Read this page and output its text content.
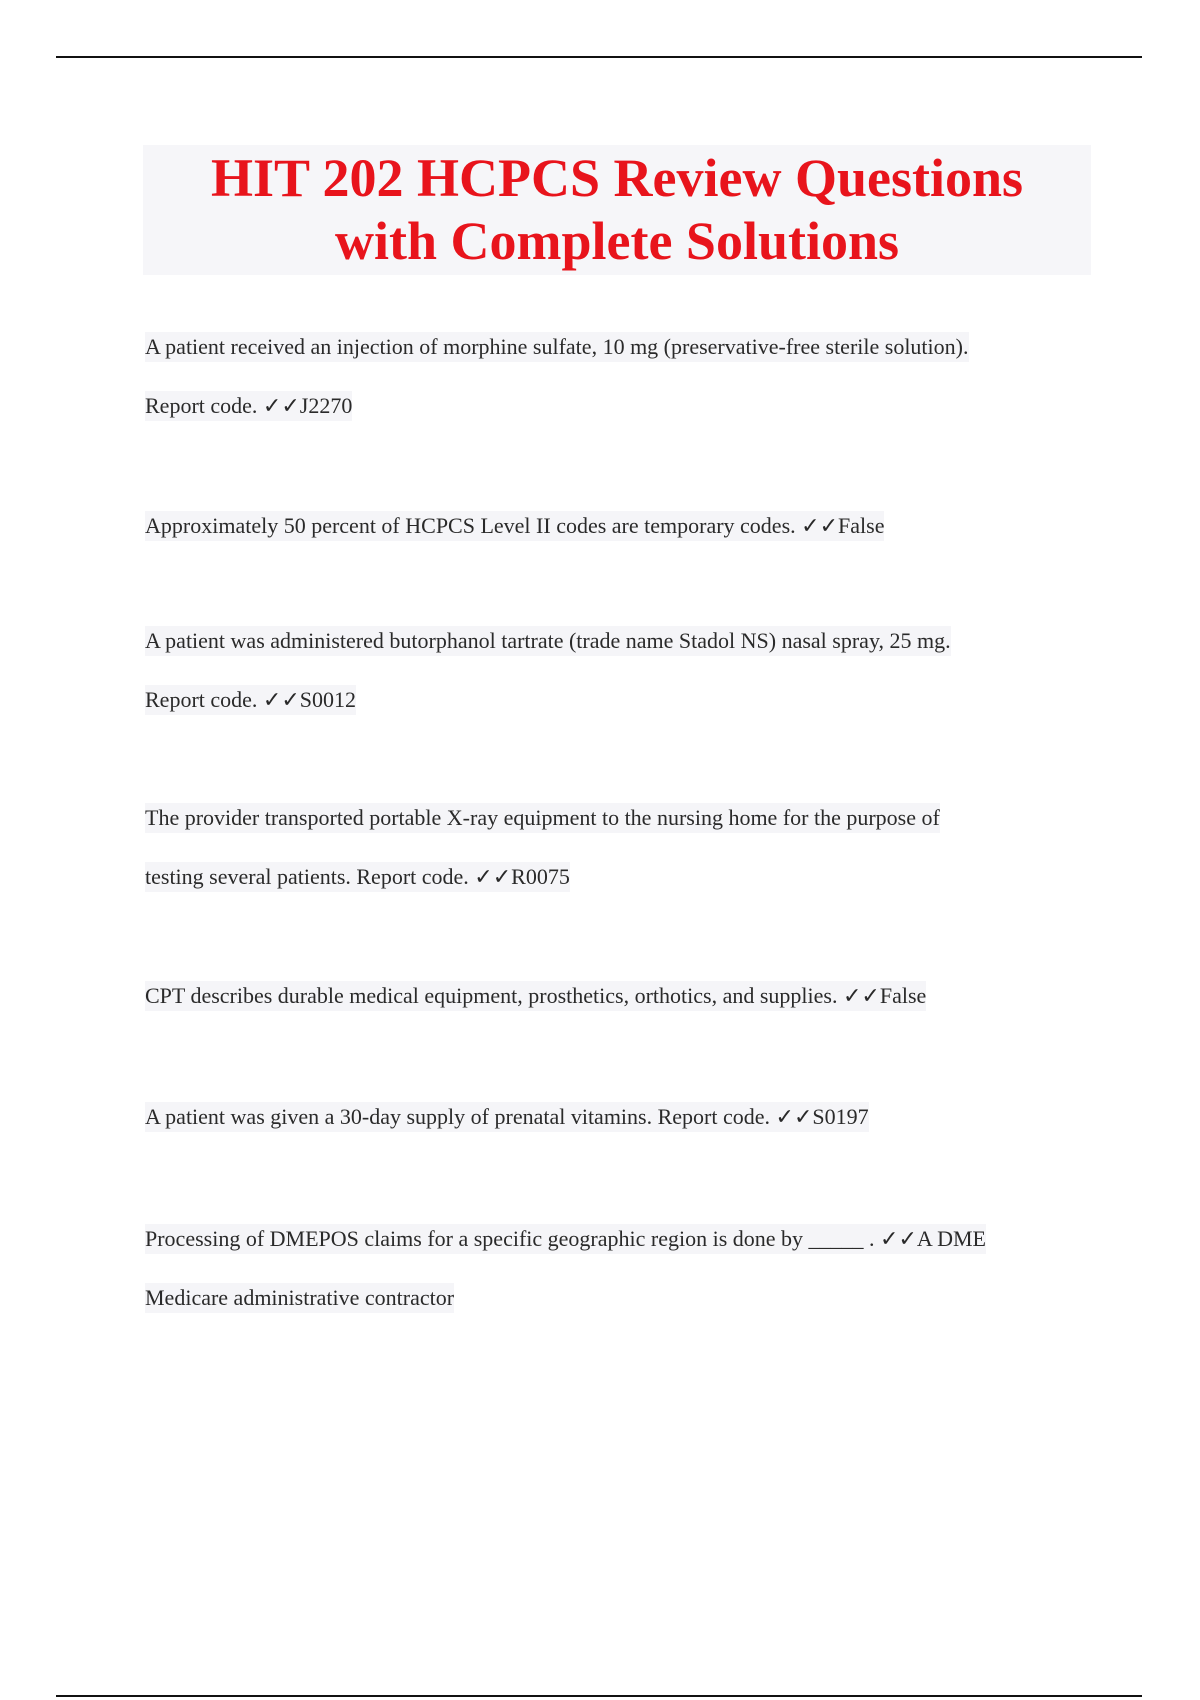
HIT 202 HCPCS Review Questions
with Complete Solutions
A patient received an injection of morphine sulfate, 10 mg (preservative-free sterile solution).
Report code. ✓✓J2270
Approximately 50 percent of HCPCS Level II codes are temporary codes. ✓✓False
A patient was administered butorphanol tartrate (trade name Stadol NS) nasal spray, 25 mg.
Report code. ✓✓S0012
The provider transported portable X-ray equipment to the nursing home for the purpose of
testing several patients. Report code. ✓✓R0075
CPT describes durable medical equipment, prosthetics, orthotics, and supplies. ✓✓False
A patient was given a 30-day supply of prenatal vitamins. Report code. ✓✓S0197
Processing of DMEPOS claims for a specific geographic region is done by _____ . ✓✓A DME
Medicare administrative contractor
